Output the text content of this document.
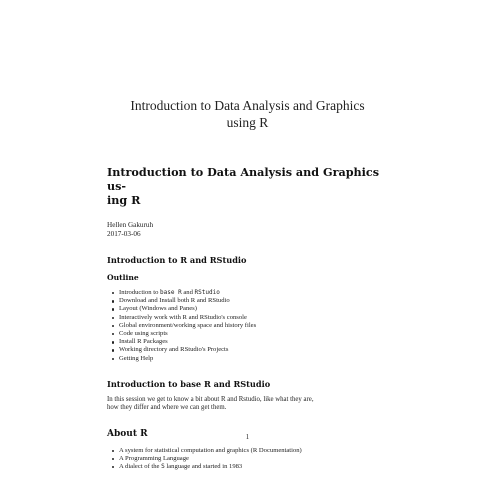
Introduction to Data Analysis and Graphics
using R
Introduction to Data Analysis and Graphics us-
ing R
Hellen Gakuruh
2017-03-06
Introduction to R and RStudio
Outline
Introduction to base R and RStudio
Download and Install both R and RStudio
Layout (Windows and Panes)
Interactively work with R and RStudio's console
Global environment/working space and history files
Code using scripts
Install R Packages
Working directory and RStudio's Projects
Getting Help
Introduction to base R and RStudio

In this session we get to know a bit about R and Rstudio, like what they are,
how they differ and where we can get them.

About R
A system for statistical computation and graphics (R Documentation)
A Programming Language
A dialect of the S language and started in 1983
1
